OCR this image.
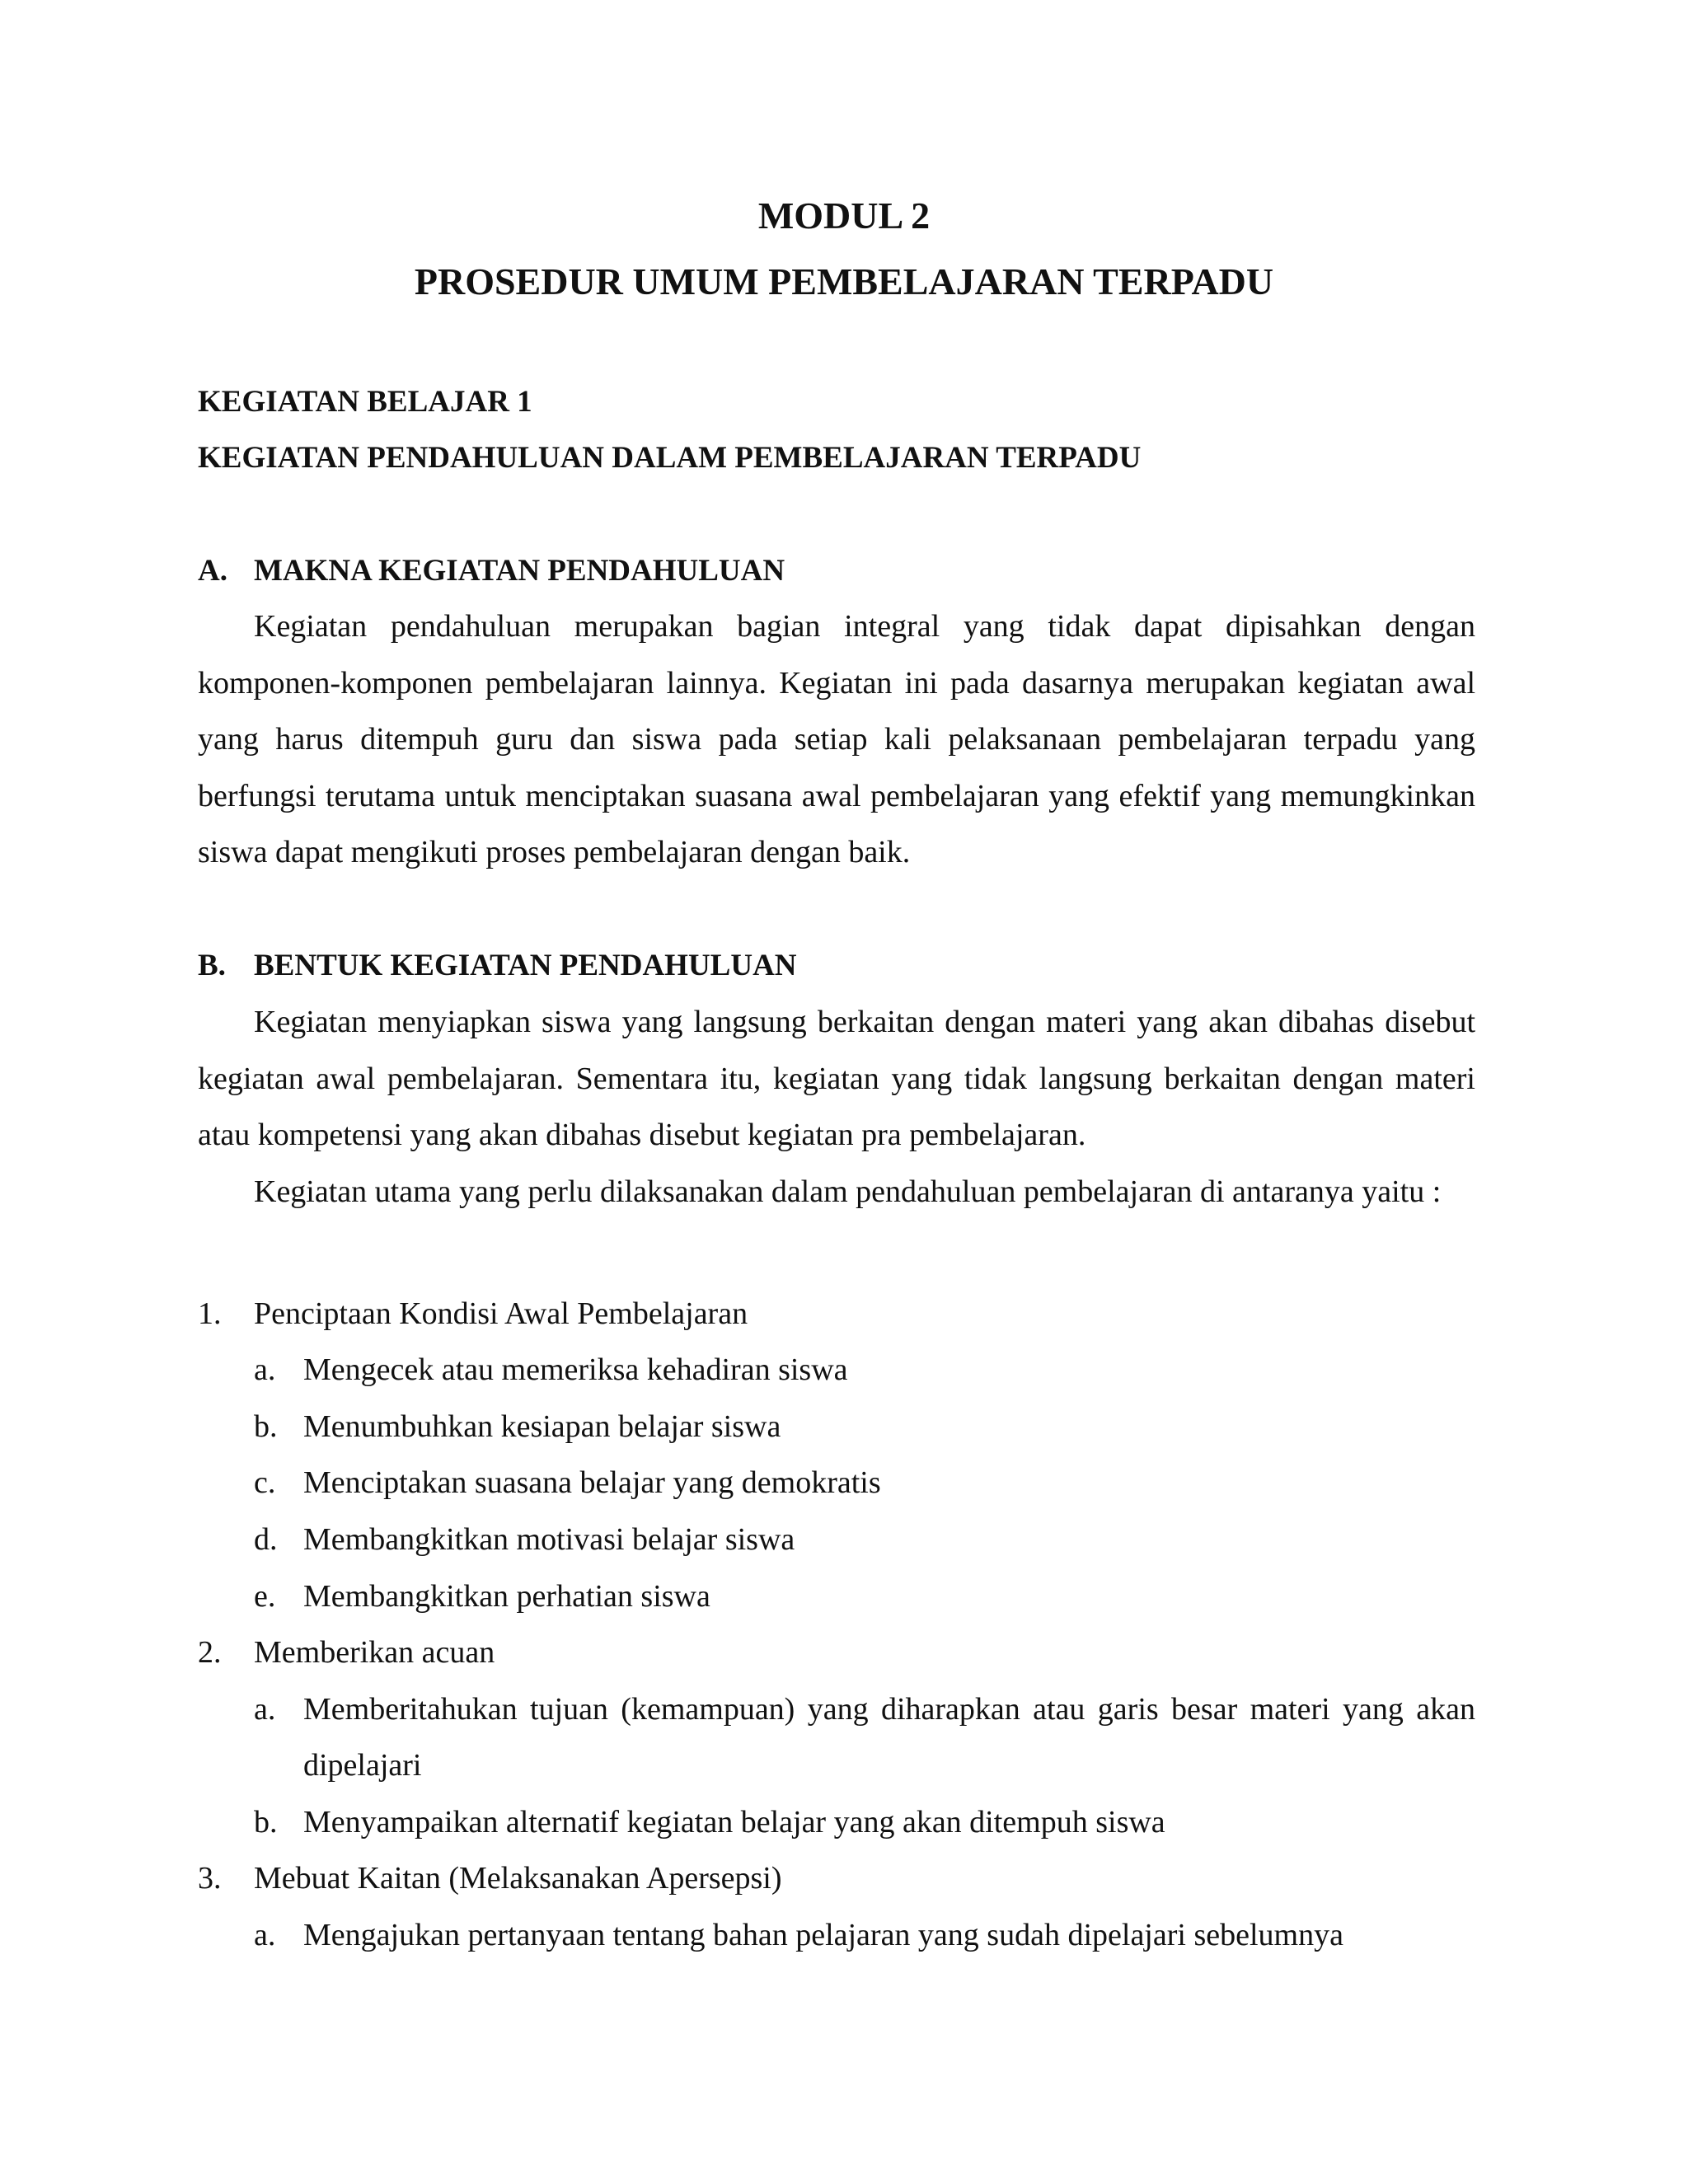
MODUL 2
PROSEDUR UMUM PEMBELAJARAN TERPADU
KEGIATAN BELAJAR 1
KEGIATAN PENDAHULUAN DALAM PEMBELAJARAN TERPADU
A. MAKNA KEGIATAN PENDAHULUAN

Kegiatan pendahuluan merupakan bagian integral yang tidak dapat dipisahkan dengan komponen-komponen pembelajaran lainnya. Kegiatan ini pada dasarnya merupakan kegiatan awal yang harus ditempuh guru dan siswa pada setiap kali pelaksanaan pembelajaran terpadu yang berfungsi terutama untuk menciptakan suasana awal pembelajaran yang efektif yang memungkinkan siswa dapat mengikuti proses pembelajaran dengan baik.

B. BENTUK KEGIATAN PENDAHULUAN

Kegiatan menyiapkan siswa yang langsung berkaitan dengan materi yang akan dibahas disebut kegiatan awal pembelajaran. Sementara itu, kegiatan yang tidak langsung berkaitan dengan materi atau kompetensi yang akan dibahas disebut kegiatan pra pembelajaran.

Kegiatan utama yang perlu dilaksanakan dalam pendahuluan pembelajaran di antaranya yaitu :

1. Penciptaan Kondisi Awal Pembelajaran
a. Mengecek atau memeriksa kehadiran siswa
b. Menumbuhkan kesiapan belajar siswa
c. Menciptakan suasana belajar yang demokratis
d. Membangkitkan motivasi belajar siswa
e. Membangkitkan perhatian siswa
2. Memberikan acuan
a. Memberitahukan tujuan (kemampuan) yang diharapkan atau garis besar materi yang akan dipelajari
b. Menyampaikan alternatif kegiatan belajar yang akan ditempuh siswa
3. Mebuat Kaitan (Melaksanakan Apersepsi)
a. Mengajukan pertanyaan tentang bahan pelajaran yang sudah dipelajari sebelumnya
